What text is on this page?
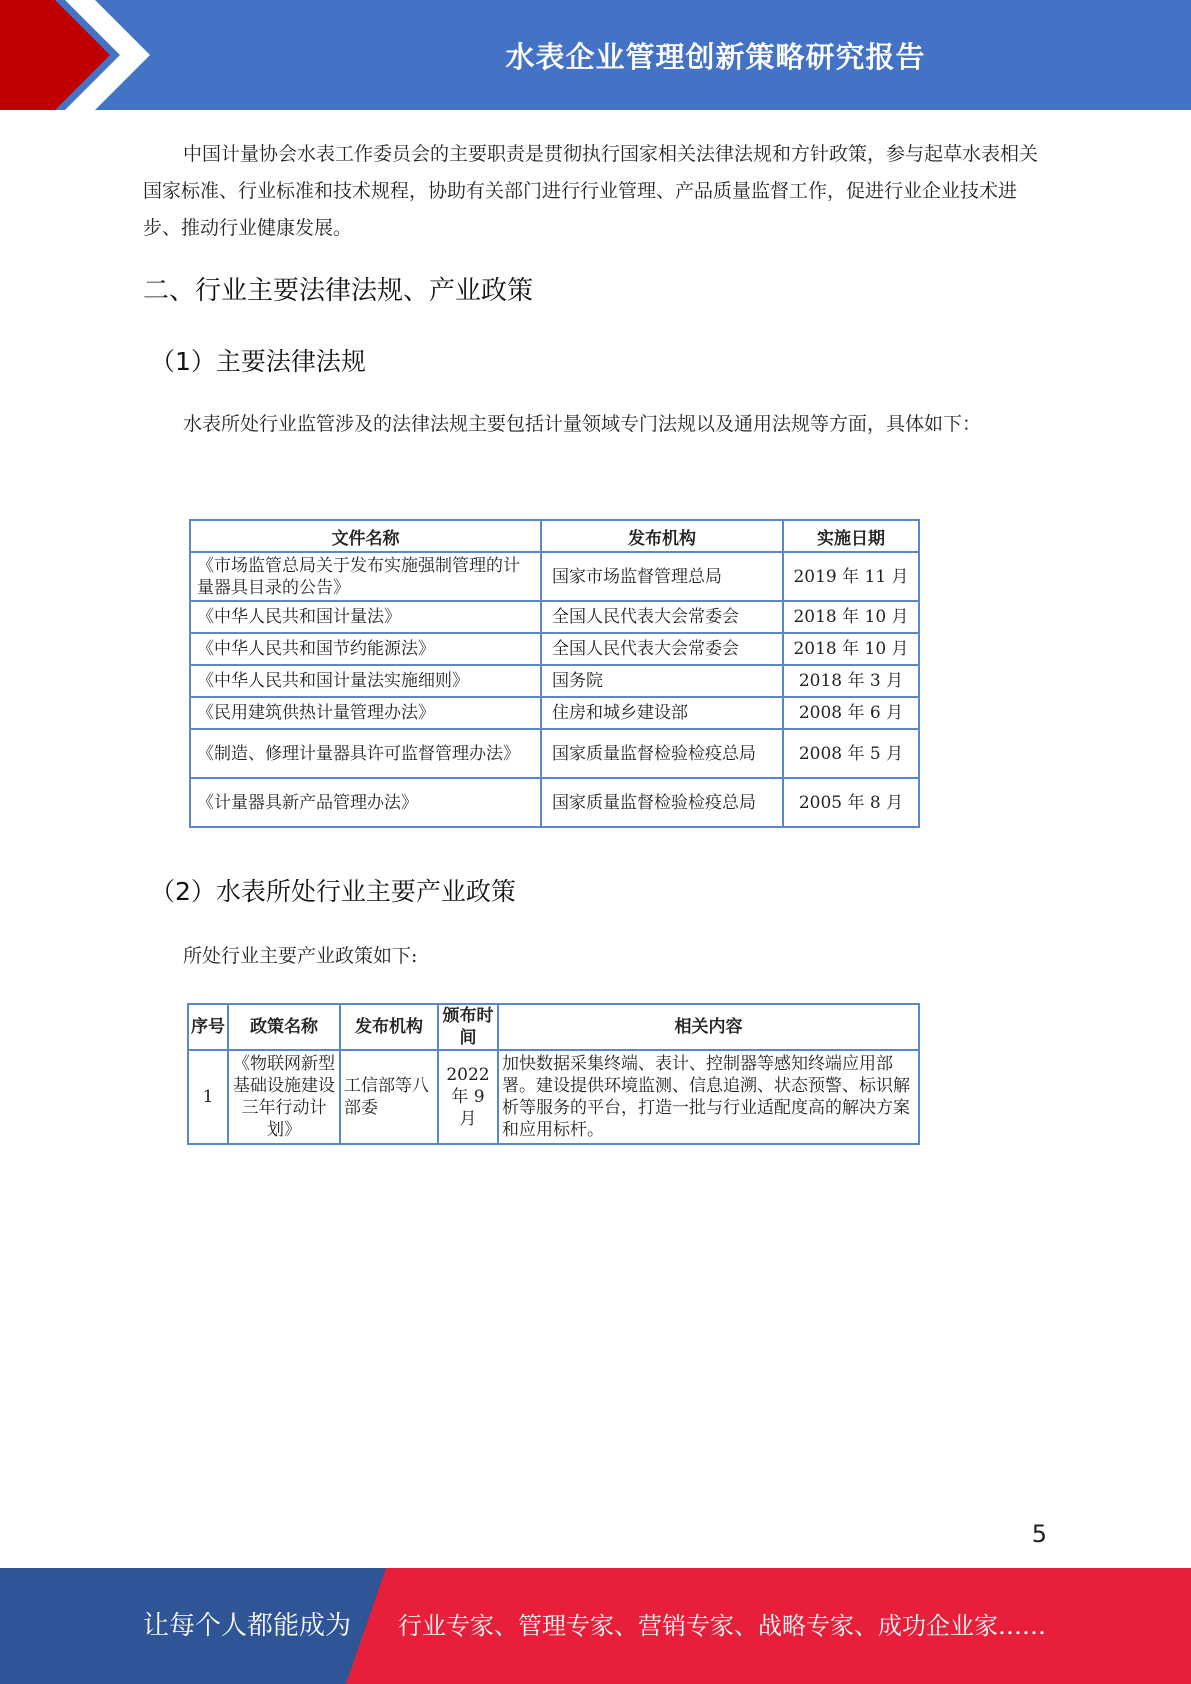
水表企业管理创新策略研究报告

中国计量协会水表工作委员会的主要职责是贯彻执行国家相关法律法规和方针政策，参与起草水表相关国家标准、行业标准和技术规程，协助有关部门进行行业管理、产品质量监督工作，促进行业企业技术进步、推动行业健康发展。

二、行业主要法律法规、产业政策
（1）主要法律法规

水表所处行业监管涉及的法律法规主要包括计量领域专门法规以及通用法规等方面，具体如下：

文件名称	发布机构	实施日期
《市场监管总局关于发布实施强制管理的计量器具目录的公告》	国家市场监督管理总局	2019 年 11 月
《中华人民共和国计量法》	全国人民代表大会常委会	2018 年 10 月
《中华人民共和国节约能源法》	全国人民代表大会常委会	2018 年 10 月
《中华人民共和国计量法实施细则》	国务院	2018 年 3 月
《民用建筑供热计量管理办法》	住房和城乡建设部	2008 年 6 月
《制造、修理计量器具许可监督管理办法》	国家质量监督检验检疫总局	2008 年 5 月
《计量器具新产品管理办法》	国家质量监督检验检疫总局	2005 年 8 月
（2）水表所处行业主要产业政策

所处行业主要产业政策如下:

序号	政策名称	发布机构	颁布时间	相关内容
1	《物联网新型基础设施建设三年行动计划》	工信部等八部委	2022 年 9 月	加快数据采集终端、表计、控制器等感知终端应用部署。建设提供环境监测、信息追溯、状态预警、标识解析等服务的平台，打造一批与行业适配度高的解决方案和应用标杆。
5
让每个人都能成为 行业专家、管理专家、营销专家、战略专家、成功企业家……
